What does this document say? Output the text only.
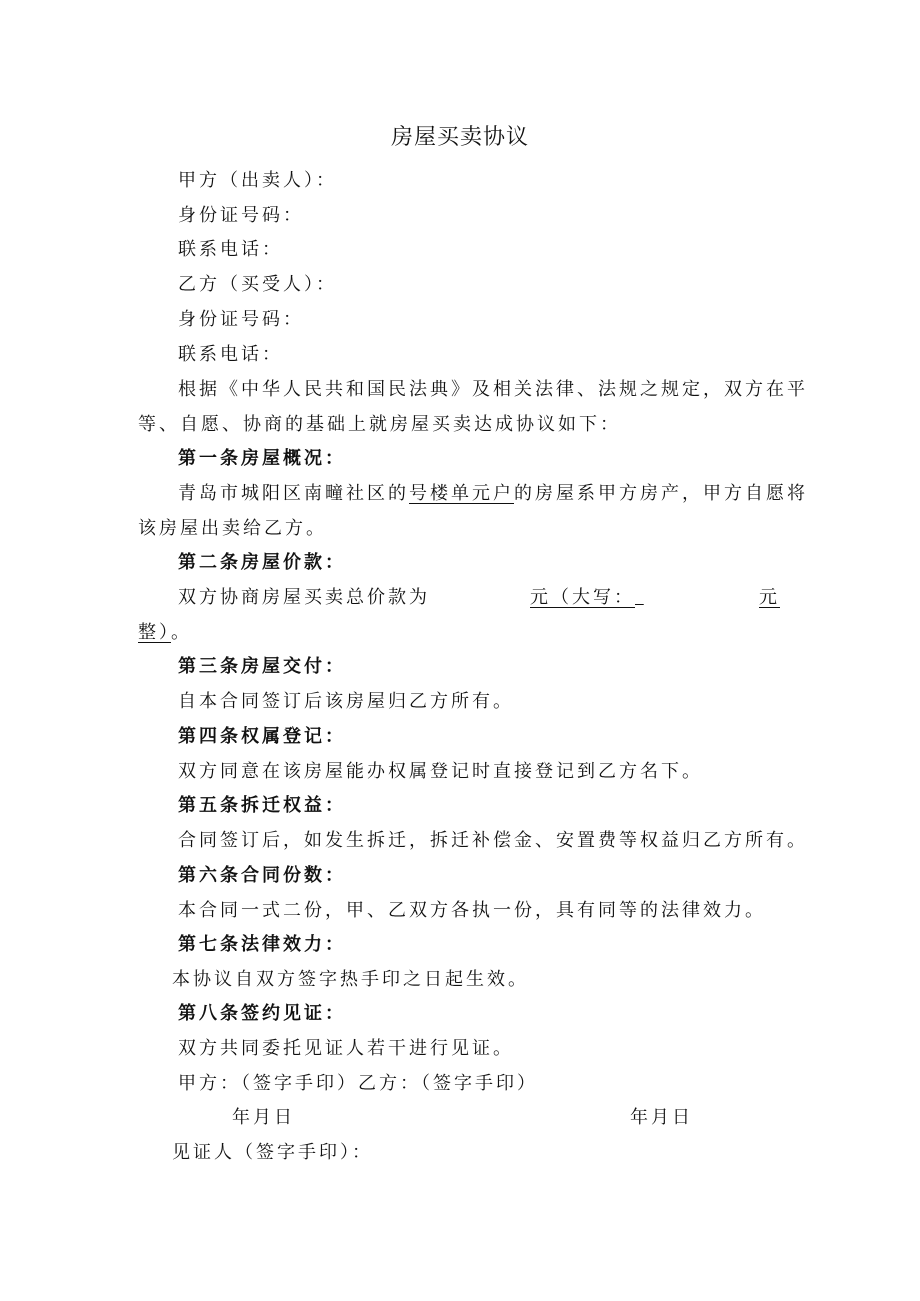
房屋买卖协议
甲方（出卖人）：
身份证号码：
联系电话：
乙方（买受人）：
身份证号码：
联系电话：
根据《中华人民共和国民法典》及相关法律、法规之规定，双方在平
等、自愿、协商的基础上就房屋买卖达成协议如下：
第一条房屋概况：
青岛市城阳区南疃社区的号楼单元户的房屋系甲方房产，甲方自愿将
该房屋出卖给乙方。
第二条房屋价款：
双方协商房屋买卖总价款为	元（大写：	元
整）。
第三条房屋交付：
自本合同签订后该房屋归乙方所有。
第四条权属登记：
双方同意在该房屋能办权属登记时直接登记到乙方名下。
第五条拆迁权益：
合同签订后，如发生拆迁，拆迁补偿金、安置费等权益归乙方所有。
第六条合同份数：
本合同一式二份，甲、乙双方各执一份，具有同等的法律效力。
第七条法律效力：
本协议自双方签字热手印之日起生效。
第八条签约见证：
双方共同委托见证人若干进行见证。
甲方：（签字手印）乙方：（签字手印）
年月日	年月日
见证人（签字手印）：
